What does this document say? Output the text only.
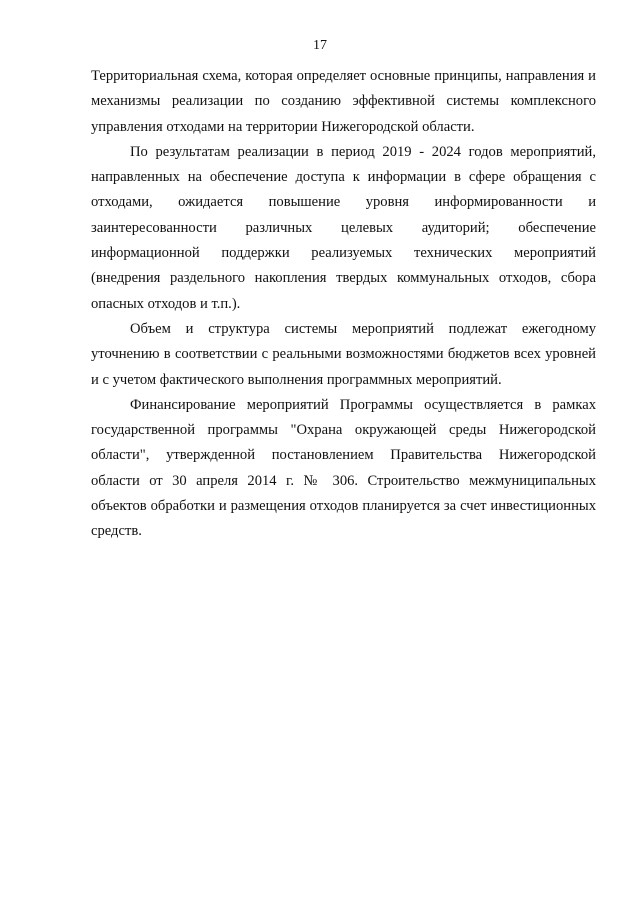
17

Территориальная схема, которая определяет основные принципы, направления и механизмы реализации по созданию эффективной системы комплексного управления отходами на территории Нижегородской области.

По результатам реализации в период 2019 - 2024 годов мероприятий, направленных на обеспечение доступа к информации в сфере обращения с отходами, ожидается повышение уровня информированности и заинтересованности различных целевых аудиторий; обеспечение информационной поддержки реализуемых технических мероприятий (внедрения раздельного накопления твердых коммунальных отходов, сбора опасных отходов и т.п.).

Объем и структура системы мероприятий подлежат ежегодному уточнению в соответствии с реальными возможностями бюджетов всех уровней и с учетом фактического выполнения программных мероприятий.

Финансирование мероприятий Программы осуществляется в рамках государственной программы "Охрана окружающей среды Нижегородской области", утвержденной постановлением Правительства Нижегородской области от 30 апреля 2014 г. № 306. Строительство межмуниципальных объектов обработки и размещения отходов планируется за счет инвестиционных средств.
